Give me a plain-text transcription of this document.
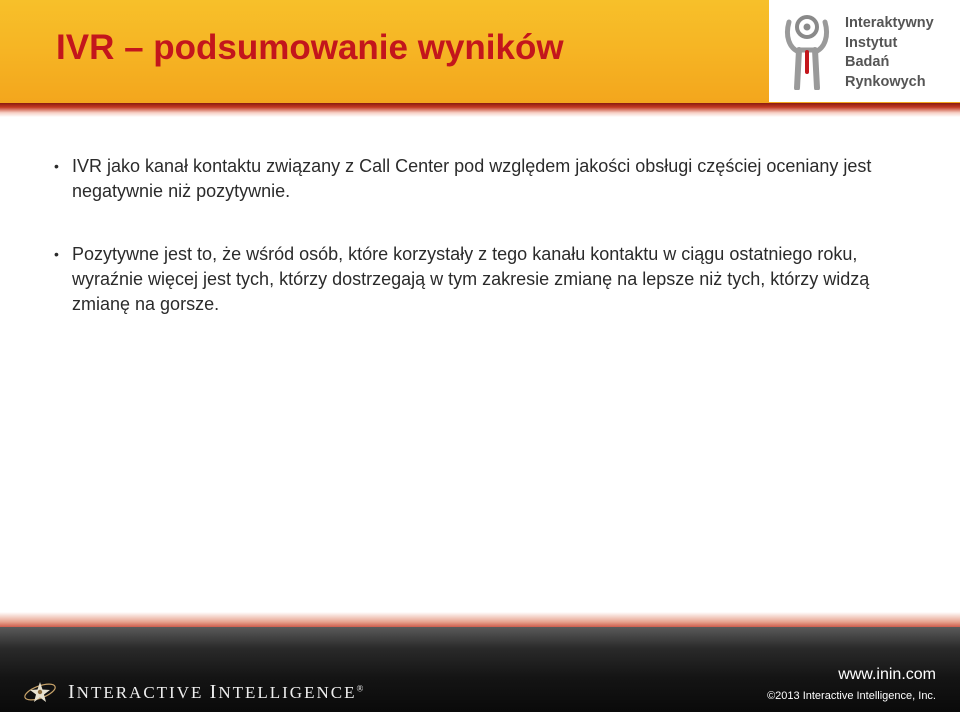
IVR – podsumowanie wyników
Interaktywny
Instytut
Badań
Rynkowych
• IVR jako kanał kontaktu związany z Call Center pod względem jakości obsługi częściej oceniany jest negatywnie niż pozytywnie.
• Pozytywne jest to, że wśród osób, które korzystały z tego kanału kontaktu w ciągu ostatniego roku, wyraźnie więcej jest tych, którzy dostrzegają w tym zakresie zmianę na lepsze niż tych, którzy widzą zmianę na gorsze.
INTERACTIVE INTELLIGENCE®
www.inin.com
©2013 Interactive Intelligence, Inc.
